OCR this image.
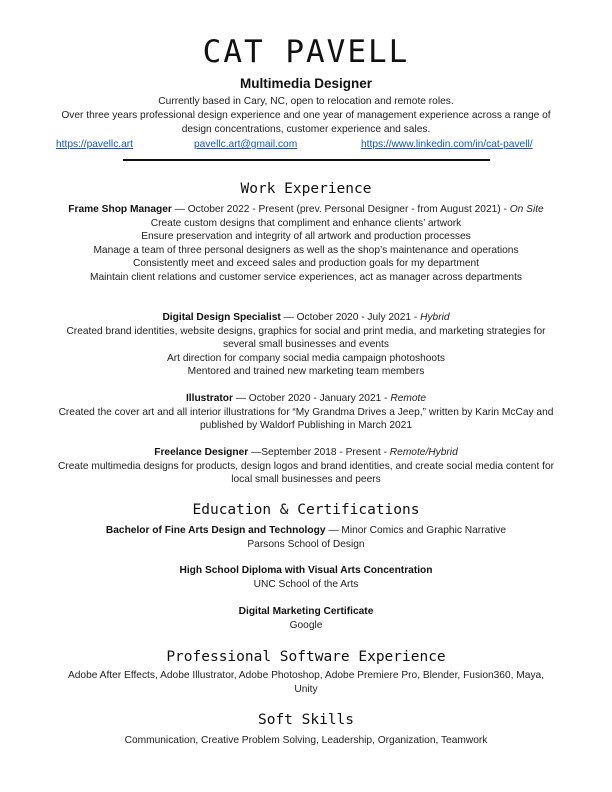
CAT PAVELL
Multimedia Designer
Currently based in Cary, NC, open to relocation and remote roles.
Over three years professional design experience and one year of management experience across a range of design concentrations, customer experience and sales.
https://pavellc.art	pavellc.art@gmail.com	https://www.linkedin.com/in/cat-pavell/
Work Experience
Frame Shop Manager — October 2022 - Present (prev. Personal Designer - from August 2021) - On Site
Create custom designs that compliment and enhance clients’ artwork
Ensure preservation and integrity of all artwork and production processes
Manage a team of three personal designers as well as the shop’s maintenance and operations
Consistently meet and exceed sales and production goals for my department
Maintain client relations and customer service experiences, act as manager across departments
Digital Design Specialist — October 2020 - July 2021 - Hybrid
Created brand identities, website designs, graphics for social and print media, and marketing strategies for several small businesses and events
Art direction for company social media campaign photoshoots
Mentored and trained new marketing team members
Illustrator — October 2020 - January 2021 - Remote
Created the cover art and all interior illustrations for “My Grandma Drives a Jeep,” written by Karin McCay and published by Waldorf Publishing in March 2021
Freelance Designer —September 2018 - Present - Remote/Hybrid
Create multimedia designs for products, design logos and brand identities, and create social media content for local small businesses and peers
Education & Certifications
Bachelor of Fine Arts Design and Technology — Minor Comics and Graphic Narrative
Parsons School of Design
High School Diploma with Visual Arts Concentration
UNC School of the Arts
Digital Marketing Certificate
Google
Professional Software Experience
Adobe After Effects, Adobe Illustrator, Adobe Photoshop, Adobe Premiere Pro, Blender, Fusion360, Maya, Unity
Soft Skills
Communication, Creative Problem Solving, Leadership, Organization, Teamwork
